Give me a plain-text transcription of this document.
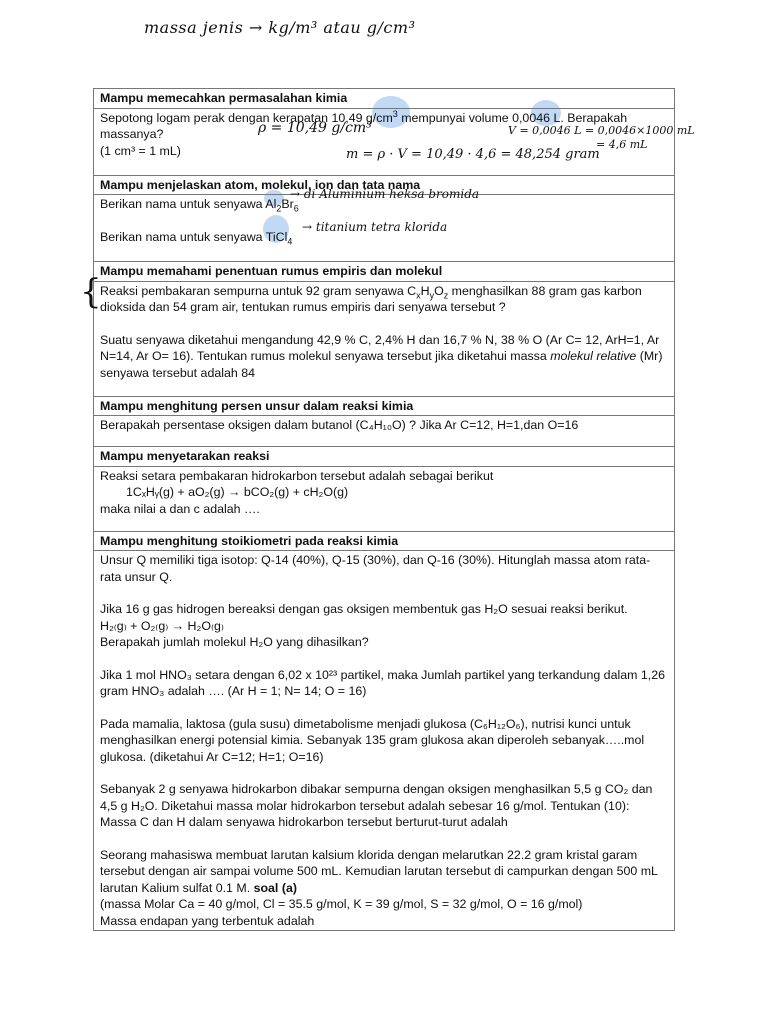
massa jenis → kg/m³ atau g/cm³
Mampu memecahkan permasalahan kimia

Sepotong logam perak dengan kerapatan 10,49 $g/cm^3$ mempunyai volume 0,0046 L. Berapakah massanya?
(1 cm³ = 1 mL)

Mampu menjelaskan atom, molekul, ion dan tata nama

Berikan nama untuk senyawa $Al_2Br_6$
Berikan nama untuk senyawa TiCl$_4$

Mampu memahami penentuan rumus empiris dan molekul

Reaksi pembakaran sempurna untuk 92 gram senyawa $C_xH_yO_z$ menghasilkan 88 gram gas karbon dioksida dan 54 gram air, tentukan rumus empiris dari senyawa tersebut ?
Suatu senyawa diketahui mengandung 42,9 % C, 2,4% H dan 16,7 % N, 38 % O (Ar C= 12, ArH=1, Ar N=14, Ar O= 16). Tentukan rumus molekul senyawa tersebut jika diketahui massa molekul relative (Mr) senyawa tersebut adalah 84

Mampu menghitung persen unsur dalam reaksi kimia

Berapakah persentase oksigen dalam butanol (C₄H₁₀O) ? Jika Ar C=12, H=1,dan O=16

Mampu menyetarakan reaksi

Reaksi setara pembakaran hidrokarbon tersebut adalah sebagai berikut
1CₓHᵧ(g) + aO₂(g) → bCO₂(g) + cH₂O(g)
maka nilai a dan c adalah ….

Mampu menghitung stoikiometri pada reaksi kimia

Unsur Q memiliki tiga isotop: Q-14 (40%), Q-15 (30%), dan Q-16 (30%). Hitunglah massa atom rata-rata unsur Q.
Jika 16 g gas hidrogen bereaksi dengan gas oksigen membentuk gas H₂O sesuai reaksi berikut.
H₂₍g₎ + O₂₍g₎ → H₂O₍g₎
Berapakah jumlah molekul H₂O yang dihasilkan?
Jika 1 mol HNO₃ setara dengan 6,02 x 10²³ partikel, maka Jumlah partikel yang terkandung dalam 1,26 gram HNO₃ adalah …. (Ar H = 1; N= 14; O = 16)
Pada mamalia, laktosa (gula susu) dimetabolisme menjadi glukosa (C₆H₁₂O₆), nutrisi kunci untuk menghasilkan energi potensial kimia. Sebanyak 135 gram glukosa akan diperoleh sebanyak…..mol glukosa. (diketahui Ar C=12; H=1; O=16)
Sebanyak 2 g senyawa hidrokarbon dibakar sempurna dengan oksigen menghasilkan 5,5 g CO₂ dan 4,5 g H₂O. Diketahui massa molar hidrokarbon tersebut adalah sebesar 16 g/mol. Tentukan (10):
Massa C dan H dalam senyawa hidrokarbon tersebut berturut-turut adalah
Seorang mahasiswa membuat larutan kalsium klorida dengan melarutkan 22.2 gram kristal garam tersebut dengan air sampai volume 500 mL. Kemudian larutan tersebut di campurkan dengan 500 mL larutan Kalium sulfat 0.1 M. soal (a)
(massa Molar Ca = 40 g/mol, Cl = 35.5 g/mol, K = 39 g/mol, S = 32 g/mol, O = 16 g/mol)
Massa endapan yang terbentuk adalah
ρ = 10,49 g/cm³	V = 0,0046 L = 0,0046×1000 mL
= 4,6 mL
m = ρ · V = 10,49 · 4,6 = 48,254 gram
→ di Aluminium heksa bromida
→ titanium tetra klorida
{
